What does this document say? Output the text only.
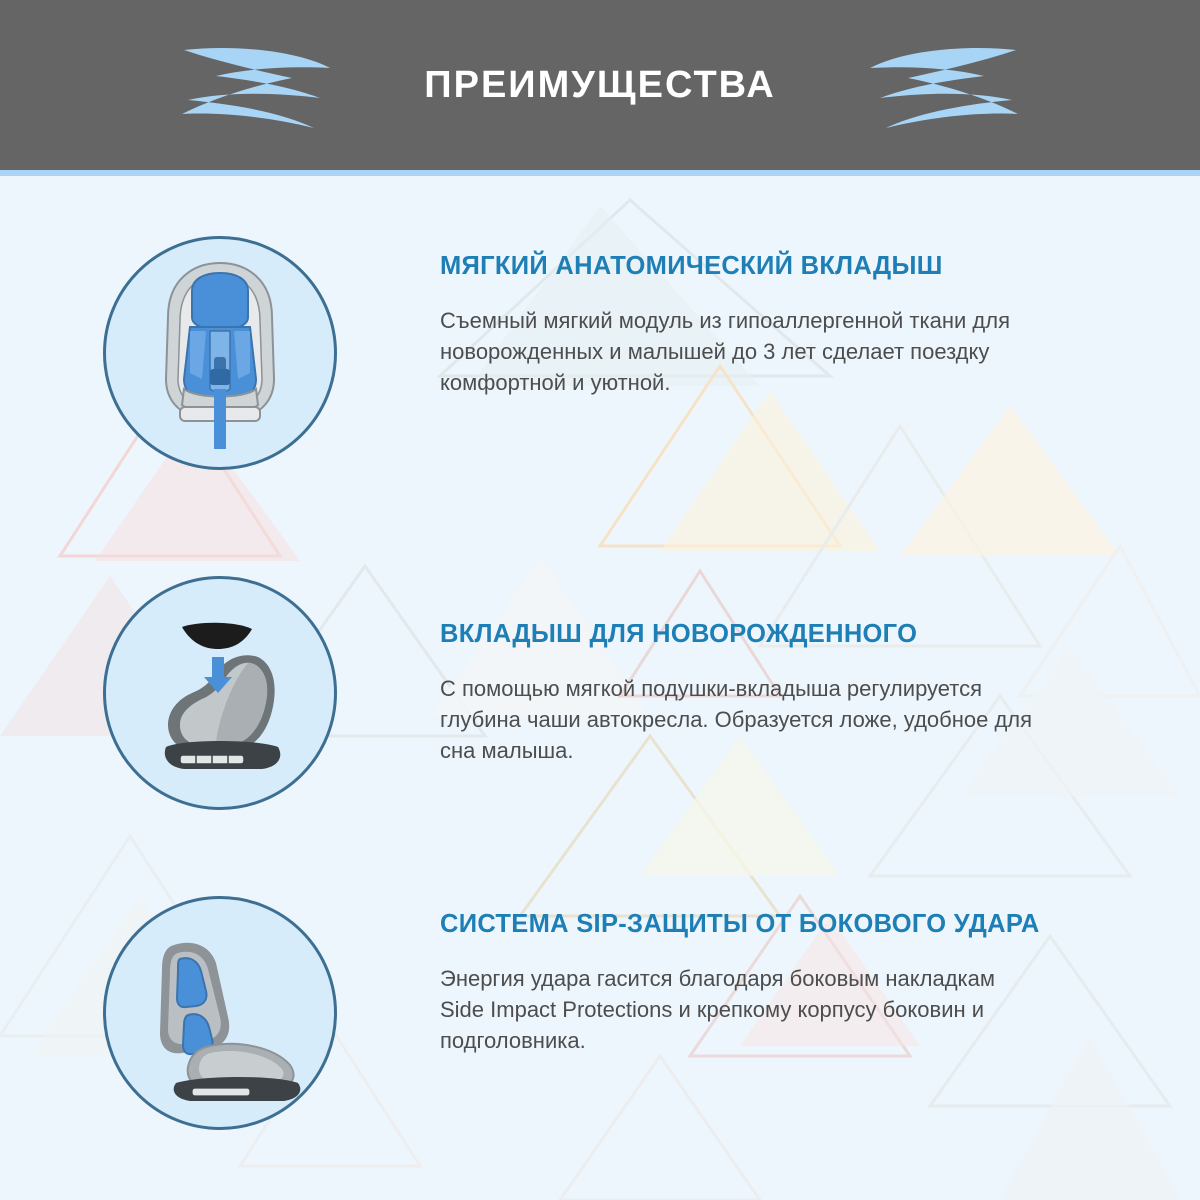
ПРЕИМУЩЕСТВА
МЯГКИЙ АНАТОМИЧЕСКИЙ ВКЛАДЫШ

Съемный мягкий модуль из гипоаллергенной ткани для новорожденных и малышей до 3 лет сделает поездку комфортной и уютной.

ВКЛАДЫШ ДЛЯ НОВОРОЖДЕННОГО

С помощью мягкой подушки-вкладыша регулируется глубина чаши автокресла. Образуется ложе, удобное для сна малыша.

СИСТЕМА SIP-ЗАЩИТЫ ОТ БОКОВОГО УДАРА

Энергия удара гасится благодаря боковым накладкам Side Impact Protections и крепкому корпусу боковин и подголовника.
